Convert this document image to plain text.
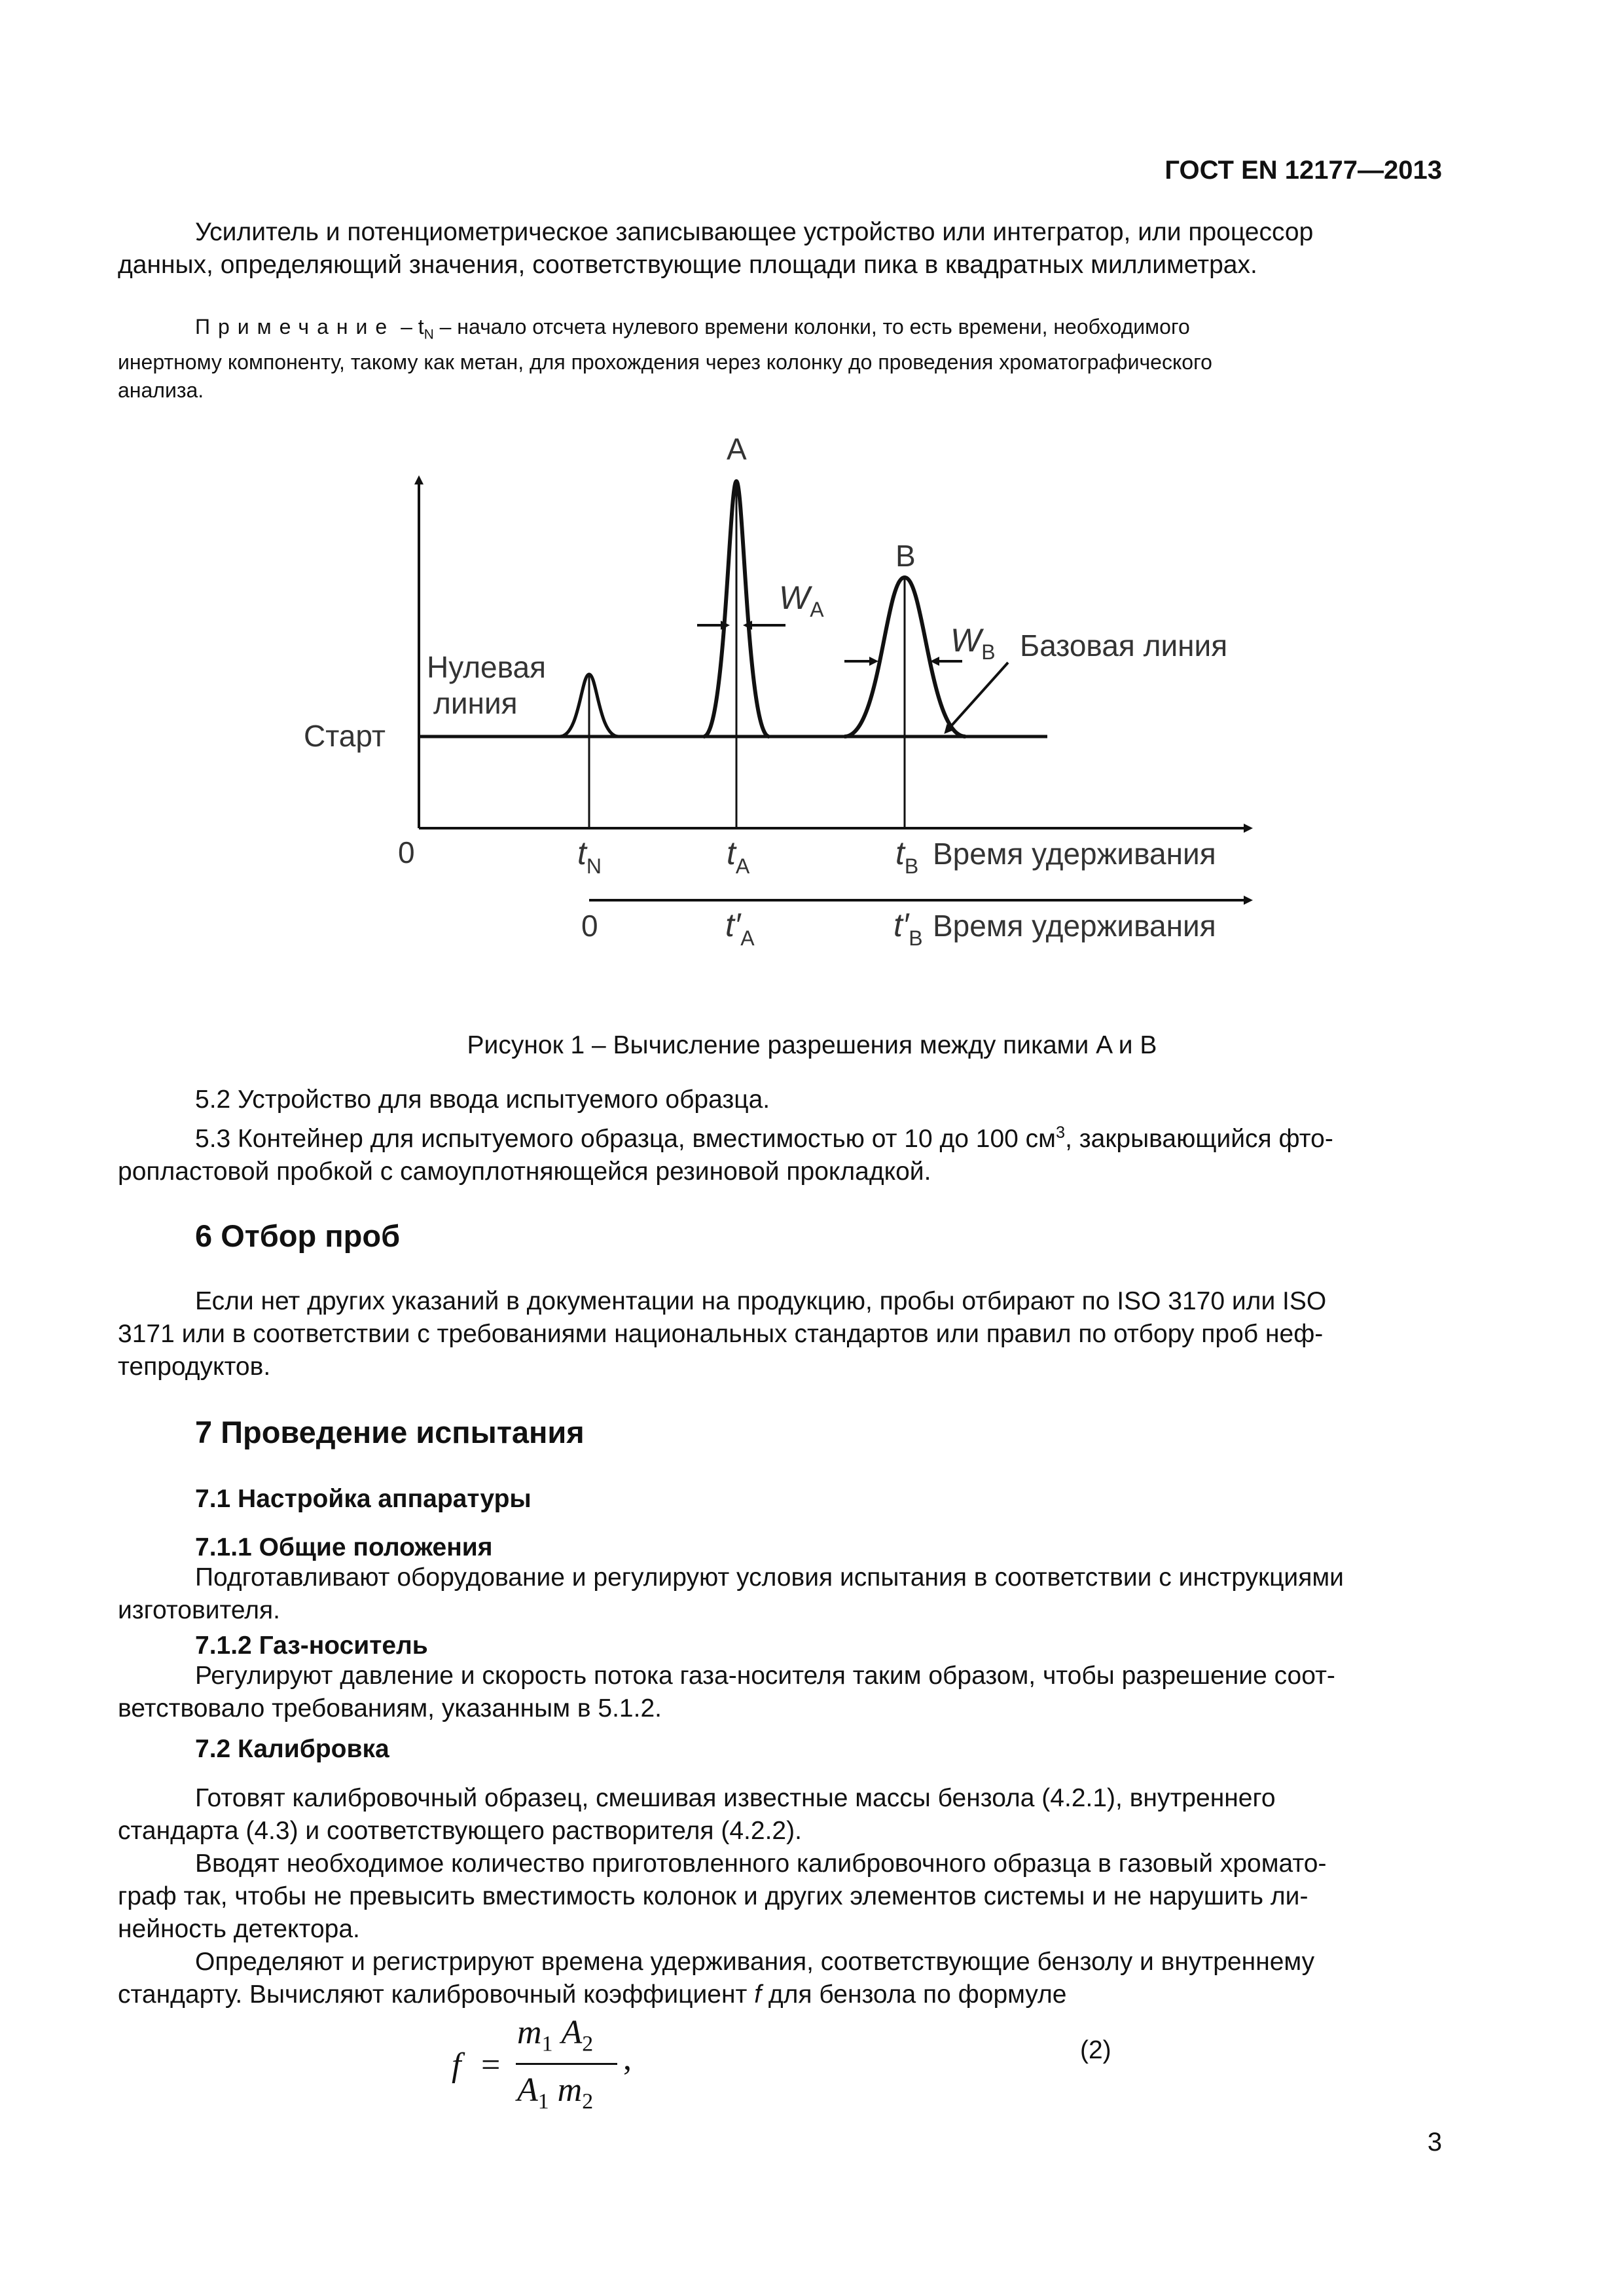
ГОСТ EN 12177—2013

Усилитель и потенциометрическое записывающее устройство или интегратор, или процессор
данных, определяющий значения, соответствующие площади пика в квадратных миллиметрах.

Примечание – $t_N$ – начало отсчета нулевого времени колонки, то есть времени, необходимого
инертному компоненту, такому как метан, для прохождения через колонку до проведения хроматографического
анализа.

A
B
$W_A$
$W_B$ Базовая линия
Нулевая
линия
Старт
0	$t_N$	$t_A$	$t_B$ Время удерживания
0	$t'_A$	$t'_B$ Время удерживания
Рисунок 1 – Вычисление разрешения между пиками A и B

5.2 Устройство для ввода испытуемого образца.

5.3 Контейнер для испытуемого образца, вместимостью от 10 до 100 $см^3$, закрывающийся фто-
ропластовой пробкой с самоуплотняющейся резиновой прокладкой.

6 Отбор проб

Если нет других указаний в документации на продукцию, пробы отбирают по ISO 3170 или ISO
3171 или в соответствии с требованиями национальных стандартов или правил по отбору проб неф-
тепродуктов.

7 Проведение испытания
7.1 Настройка аппаратуры
7.1.1 Общие положения

Подготавливают оборудование и регулируют условия испытания в соответствии с инструкциями
изготовителя.

7.1.2 Газ-носитель

Регулируют давление и скорость потока газа-носителя таким образом, чтобы разрешение соот-
ветствовало требованиям, указанным в 5.1.2.

7.2 Калибровка

Готовят калибровочный образец, смешивая известные массы бензола (4.2.1), внутреннего
стандарта (4.3) и соответствующего растворителя (4.2.2).

Вводят необходимое количество приготовленного калибровочного образца в газовый хромато-
граф так, чтобы не превысить вместимость колонок и других элементов системы и не нарушить ли-
нейность детектора.

Определяют и регистрируют времена удерживания, соответствующие бензолу и внутреннему
стандарту. Вычисляют калибровочный коэффициент f для бензола по формуле

f =
$m_1$ $A_2$
$A_1$ $m_2$
,	(2)
3
